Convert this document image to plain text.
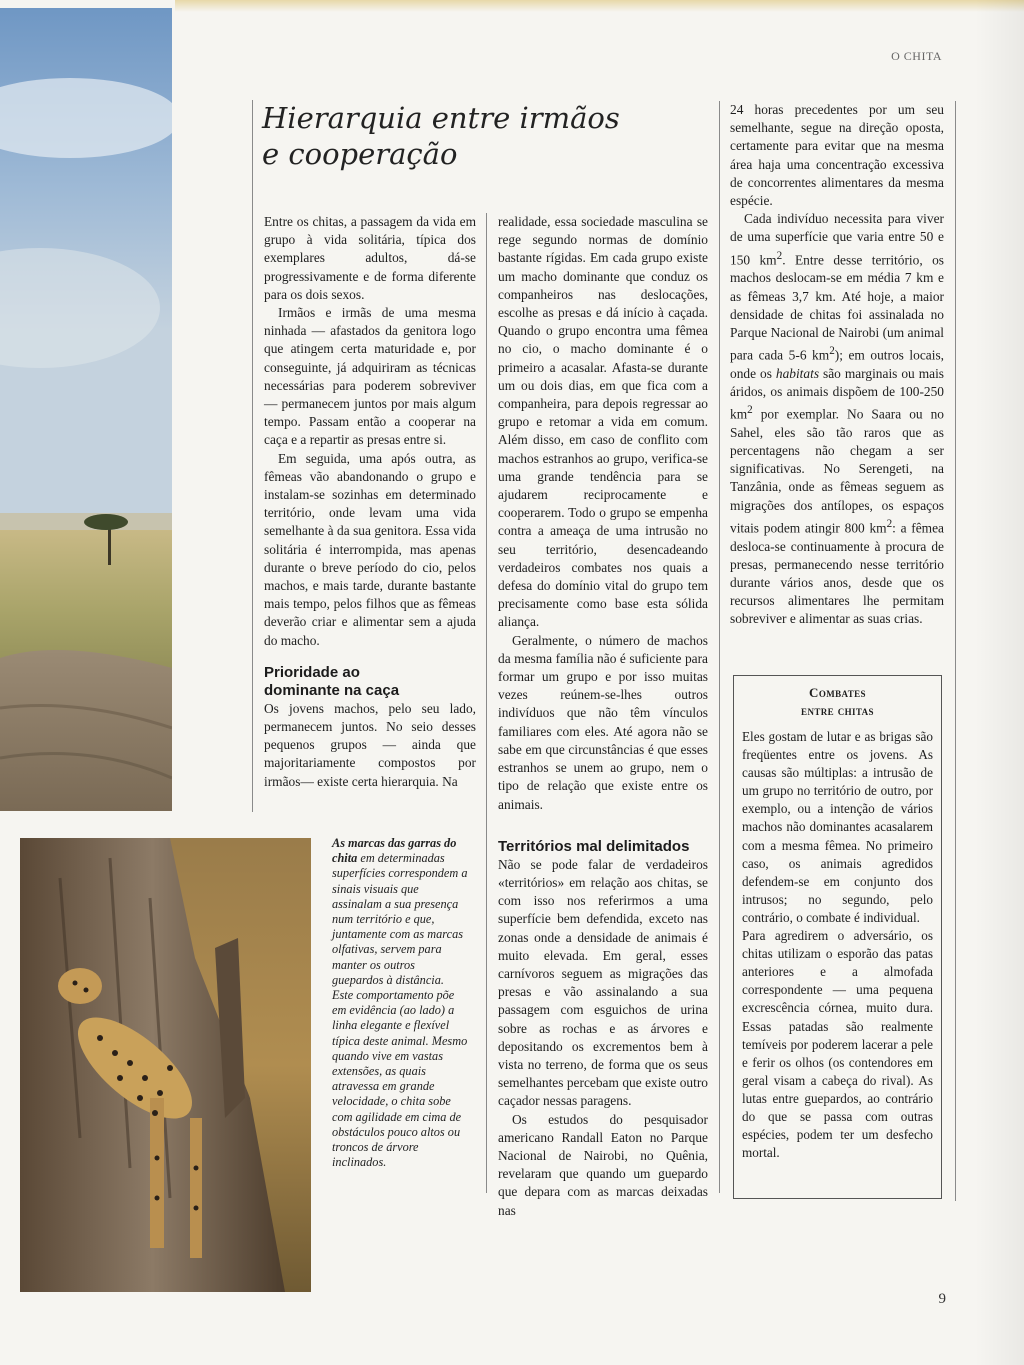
O CHITA
Hierarquia entre irmãos
e cooperação

Entre os chitas, a passagem da vida em grupo à vida solitária, típica dos exemplares adultos, dá-se progressivamente e de forma diferente para os dois sexos.

Irmãos e irmãs de uma mesma ninhada — afastados da genitora logo que atingem certa maturidade e, por conseguinte, já adquiriram as técnicas necessárias para poderem sobreviver — permanecem juntos por mais algum tempo. Passam então a cooperar na caça e a repartir as presas entre si.

Em seguida, uma após outra, as fêmeas vão abandonando o grupo e instalam-se sozinhas em determinado território, onde levam uma vida semelhante à da sua genitora. Essa vida solitária é interrompida, mas apenas durante o breve período do cio, pelos machos, e mais tarde, durante bastante mais tempo, pelos filhos que as fêmeas deverão criar e alimentar sem a ajuda do macho.

Prioridade ao
dominante na caça

Os jovens machos, pelo seu lado, permanecem juntos. No seio desses pequenos grupos — ainda que majoritariamente compostos por irmãos— existe certa hierarquia. Na

realidade, essa sociedade masculina se rege segundo normas de domínio bastante rígidas. Em cada grupo existe um macho dominante que conduz os companheiros nas deslocações, escolhe as presas e dá início à caçada. Quando o grupo encontra uma fêmea no cio, o macho dominante é o primeiro a acasalar. Afasta-se durante um ou dois dias, em que fica com a companheira, para depois regressar ao grupo e retomar a vida em comum. Além disso, em caso de conflito com machos estranhos ao grupo, verifica-se uma grande tendência para se ajudarem reciprocamente e cooperarem. Todo o grupo se empenha contra a ameaça de uma intrusão no seu território, desencadeando verdadeiros combates nos quais a defesa do domínio vital do grupo tem precisamente como base esta sólida aliança.

Geralmente, o número de machos da mesma família não é suficiente para formar um grupo e por isso muitas vezes reúnem-se-lhes outros indivíduos que não têm vínculos familiares com eles. Até agora não se sabe em que circunstâncias é que esses estranhos se unem ao grupo, nem o tipo de relação que existe entre os animais.

Territórios mal delimitados

Não se pode falar de verdadeiros «territórios» em relação aos chitas, se com isso nos referirmos a uma superfície bem defendida, exceto nas zonas onde a densidade de animais é muito elevada. Em geral, esses carnívoros seguem as migrações das presas e vão assinalando a sua passagem com esguichos de urina sobre as rochas e as árvores e depositando os excrementos bem à vista no terreno, de forma que os seus semelhantes percebam que existe outro caçador nessas paragens.

Os estudos do pesquisador americano Randall Eaton no Parque Nacional de Nairobi, no Quênia, revelaram que quando um guepardo que depara com as marcas deixadas nas

24 horas precedentes por um seu semelhante, segue na direção oposta, certamente para evitar que na mesma área haja uma concentração excessiva de concorrentes alimentares da mesma espécie.

Cada indivíduo necessita para viver de uma superfície que varia entre 50 e 150 $km^2$. Entre desse território, os machos deslocam-se em média 7 km e as fêmeas 3,7 km. Até hoje, a maior densidade de chitas foi assinalada no Parque Nacional de Nairobi (um animal para cada 5-6 $km^2$); em outros locais, onde os habitats são marginais ou mais áridos, os animais dispõem de 100-250 $km^2$ por exemplar. No Saara ou no Sahel, eles são tão raros que as percentagens não chegam a ser significativas. No Serengeti, na Tanzânia, onde as fêmeas seguem as migrações dos antílopes, os espaços vitais podem atingir 800 $km^2$: a fêmea desloca-se continuamente à procura de presas, permanecendo nesse território durante vários anos, desde que os recursos alimentares lhe permitam sobreviver e alimentar as suas crias.

Combates
entre chitas

Eles gostam de lutar e as brigas são freqüentes entre os jovens. As causas são múltiplas: a intrusão de um grupo no território de outro, por exemplo, ou a intenção de vários machos não dominantes acasalarem com a mesma fêmea. No primeiro caso, os animais agredidos defendem-se em conjunto dos intrusos; no segundo, pelo contrário, o combate é individual.

Para agredirem o adversário, os chitas utilizam o esporão das patas anteriores e a almofada correspondente — uma pequena excrescência córnea, muito dura. Essas patadas são realmente temíveis por poderem lacerar a pele e ferir os olhos (os contendores em geral visam a cabeça do rival). As lutas entre guepardos, ao contrário do que se passa com outras espécies, podem ter um desfecho mortal.

As marcas das garras do chita em determinadas superfícies correspondem a sinais visuais que assinalam a sua presença num território e que, juntamente com as marcas olfativas, servem para manter os outros guepardos à distância. Este comportamento põe em evidência (ao lado) a linha elegante e flexível típica deste animal. Mesmo quando vive em vastas extensões, as quais atravessa em grande velocidade, o chita sobe com agilidade em cima de obstáculos pouco altos ou troncos de árvore inclinados.

9
